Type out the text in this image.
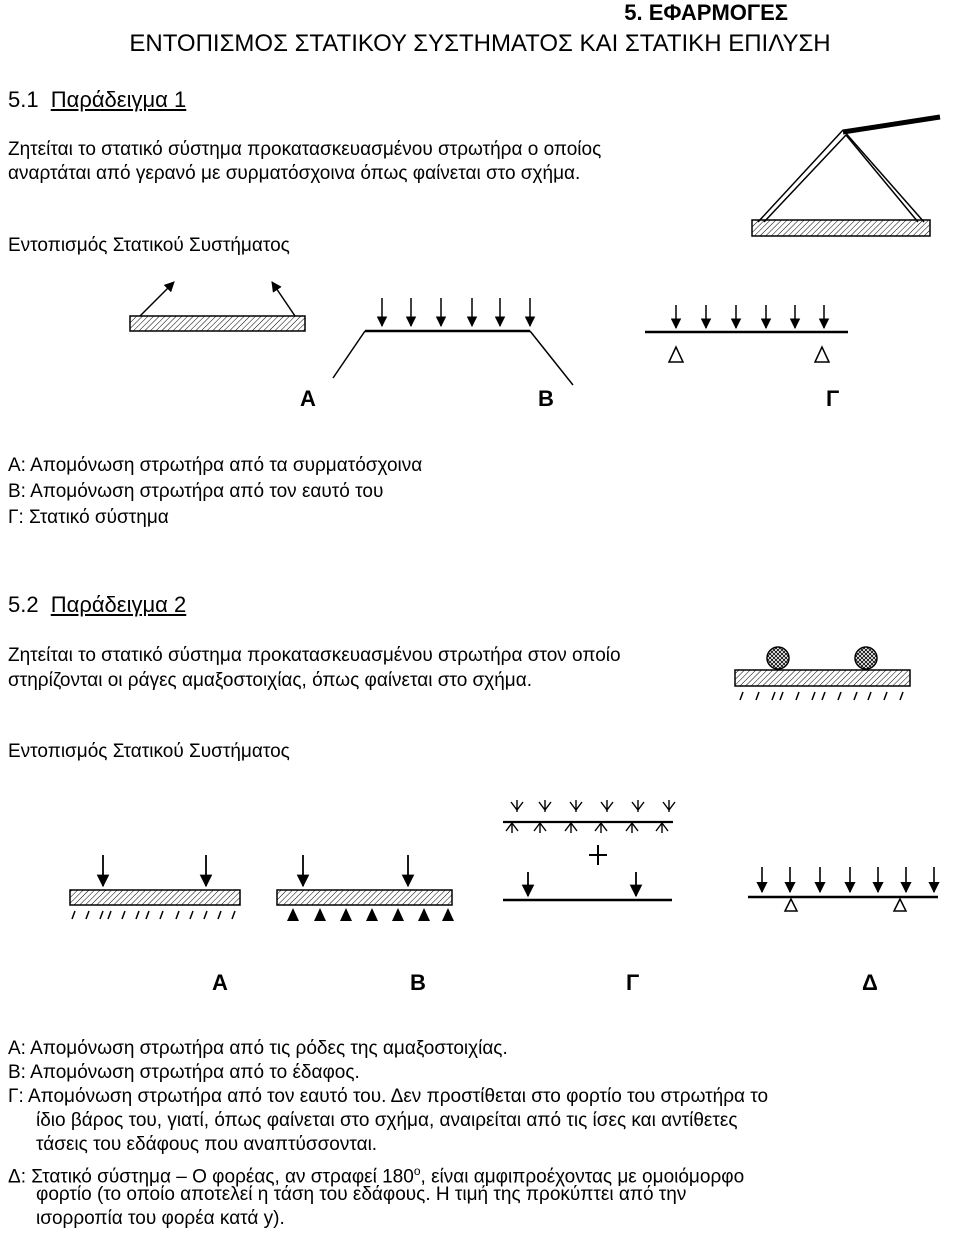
5. ΕΦΑΡΜΟΓΕΣ
ΕΝΤΟΠΙΣΜΟΣ ΣΤΑΤΙΚΟΥ ΣΥΣΤΗΜΑΤΟΣ ΚΑΙ ΣΤΑΤΙΚΗ ΕΠΙΛΥΣΗ
5.1 Παράδειγμα 1
Ζητείται το στατικό σύστημα προκατασκευασμένου στρωτήρα ο οποίος
αναρτάται από γερανό με συρματόσχοινα όπως φαίνεται στο σχήμα.
Εντοπισμός Στατικού Συστήματος
Α	Β	Γ
Α: Απομόνωση στρωτήρα από τα συρματόσχοινα
Β: Απομόνωση στρωτήρα από τον εαυτό του
Γ: Στατικό σύστημα
5.2 Παράδειγμα 2
Ζητείται το στατικό σύστημα προκατασκευασμένου στρωτήρα στον οποίο
στηρίζονται οι ράγες αμαξοστοιχίας, όπως φαίνεται στο σχήμα.
Εντοπισμός Στατικού Συστήματος
Α	Β	Γ	Δ
Α: Απομόνωση στρωτήρα από τις ρόδες της αμαξοστοιχίας.
Β: Απομόνωση στρωτήρα από το έδαφος.
Γ: Απομόνωση στρωτήρα από τον εαυτό του. Δεν προστίθεται στο φορτίο του στρωτήρα το
ίδιο βάρος του, γιατί, όπως φαίνεται στο σχήμα, αναιρείται από τις ίσες και αντίθετες
τάσεις του εδάφους που αναπτύσσονται.
Δ: Στατικό σύστημα – Ο φορέας, αν στραφεί 180$^o$, είναι αμφιπροέχοντας με ομοιόμορφο
φορτίο (το οποίο αποτελεί η τάση του εδάφους. Η τιμή της προκύπτει από την
ισορροπία του φορέα κατά y).
